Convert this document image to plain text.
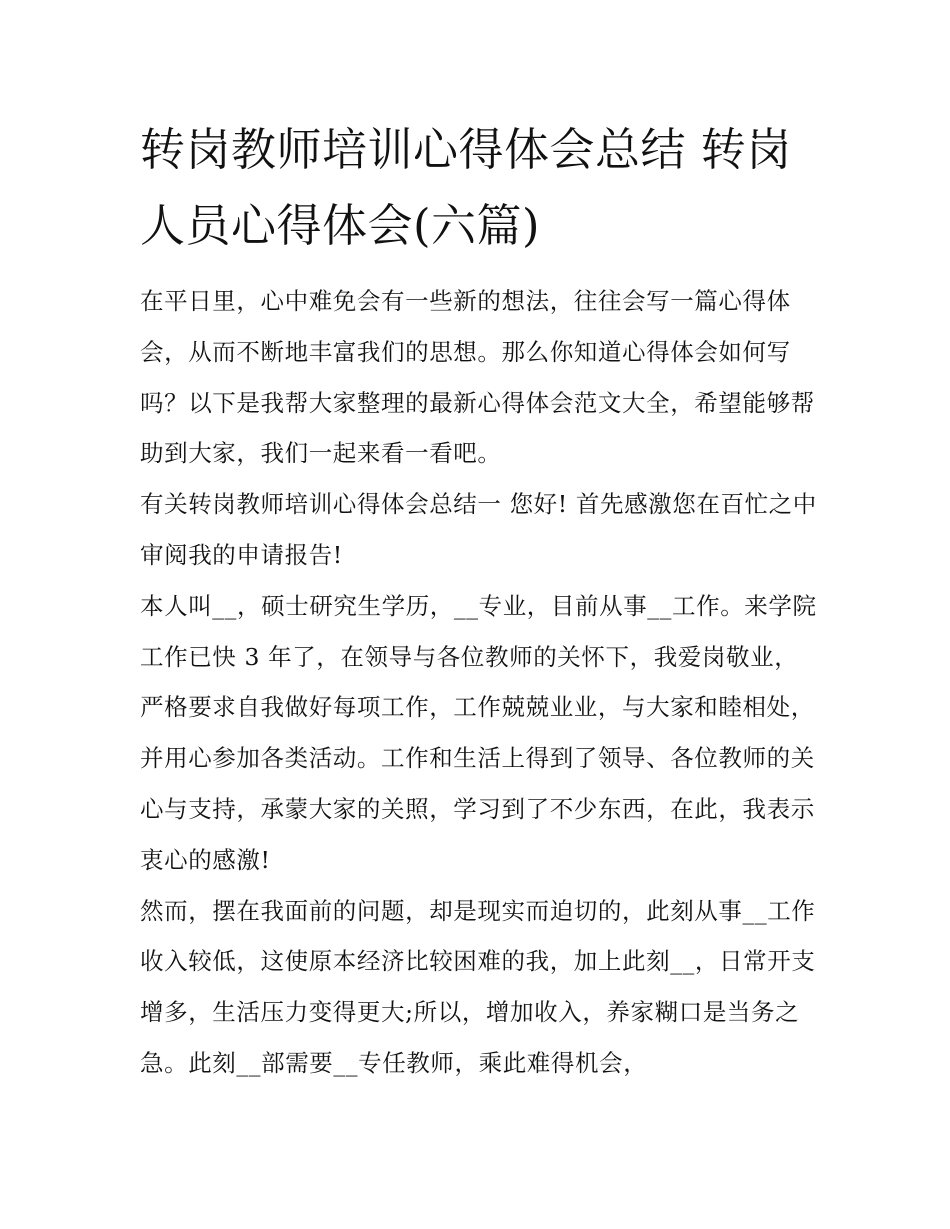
转岗教师培训心得体会总结 转岗人员心得体会(六篇)

在平日里，心中难免会有一些新的想法，往往会写一篇心得体会，从而不断地丰富我们的思想。那么你知道心得体会如何写吗？以下是我帮大家整理的最新心得体会范文大全，希望能够帮助到大家，我们一起来看一看吧。

有关转岗教师培训心得体会总结一 您好! 首先感激您在百忙之中审阅我的申请报告!

本人叫__，硕士研究生学历，__专业，目前从事__工作。来学院工作已快 3 年了，在领导与各位教师的关怀下，我爱岗敬业，严格要求自我做好每项工作，工作兢兢业业，与大家和睦相处，并用心参加各类活动。工作和生活上得到了领导、各位教师的关心与支持，承蒙大家的关照，学习到了不少东西，在此，我表示衷心的感激!

然而，摆在我面前的问题，却是现实而迫切的，此刻从事__工作收入较低，这使原本经济比较困难的我，加上此刻__，日常开支增多，生活压力变得更大;所以，增加收入，养家糊口是当务之急。此刻__部需要__专任教师，乘此难得机会，
